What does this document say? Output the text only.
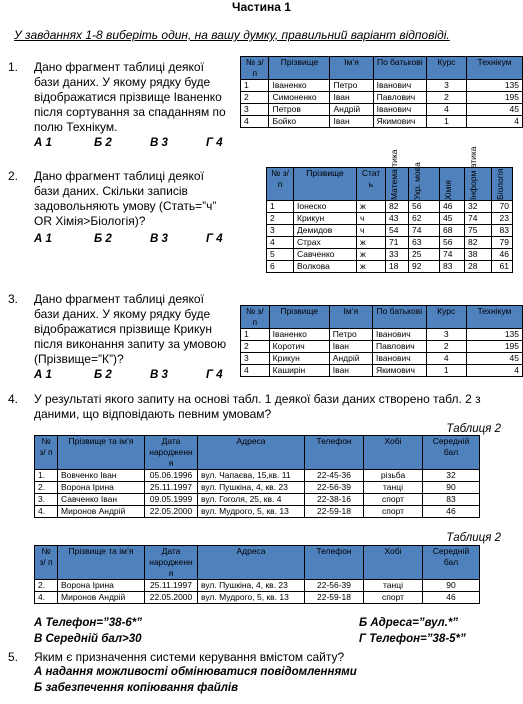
Частина 1
У завданнях 1-8 виберіть один, на вашу думку, правильний варіант відповіді.
1. Дано фрагмент таблиці деякої
бази даних. У якому рядку буде
відображатися прізвище Іваненко
після сортування за спаданням по
полю Технікум.
А 1	Б 2	В 3	Г 4
№ з/п	Прізвище	Ім’я	По батькові	Курс	Технікум
1	Іваненко	Петро	Іванович	3	135
2	Симоненко	Іван	Павлович	2	195
3	Петров	Андрій	Іванович	4	45
4	Бойко	Іван	Якимович	1	4
2. Дано фрагмент таблиці деякої
бази даних. Скільки записів
задовольняють умову (Стать=”ч”
OR Хімія>Біологія)?
А 1	Б 2	В 3	Г 4
№ з/п	Прізвище	Стат ь	Матема тика	Укр. мова	Хімія	Інформ атика	Біологія

1	Іонеско	ж	82	56	46	32	70
2	Крикун	ч	43	62	45	74	23
3	Демидов	ч	54	74	68	75	83
4	Страх	ж	71	63	56	82	79
5	Савченко	ж	33	25	74	38	46
6	Волкова	ж	18	92	83	28	61
3. Дано фрагмент таблиці деякої
бази даних. У якому рядку буде
відображатися прізвище Крикун
після виконання запиту за умовою
(Прізвище=”К”)?
А 1	Б 2	В 3	Г 4
№ з/п	Прізвище	Ім’я	По батькові	Курс	Технікум
1	Іваненко	Петро	Іванович	3	135
2	Коротич	Іван	Павлович	2	195
3	Крикун	Андрій	Іванович	4	45
4	Каширін	Іван	Якимович	1	4
4. У результаті якого запиту на основі табл. 1 деякої бази даних створено табл. 2 з
даними, що відповідають певним умовам?
Таблиця 2
№ з/ п	Прізвище та ім’я	Дата народженн я	Адреса	Телефон	Хобі	Середній бал
1.	Вовченко Іван	05.06.1996	вул. Чапаєва, 15,кв. 11	22-45-36	різьба	32
2.	Ворона Ірина	25.11.1997	вул. Пушкіна, 4, кв. 23	22-56-39	танці	90
3.	Савченко Іван	09.05.1999	вул. Гоголя, 25, кв. 4	22-38-16	спорт	83
4.	Миронов Андрій	22.05.2000	вул. Мудрого, 5, кв. 13	22-59-18	спорт	46
Таблиця 2
№ з/ п	Прізвище та ім’я	Дата народженн я	Адреса	Телефон	Хобі	Середній бал
2.	Ворона Ірина	25.11.1997	вул. Пушкіна, 4, кв. 23	22-56-39	танці	90
4.	Миронов Андрій	22.05.2000	вул. Мудрого, 5, кв. 13	22-59-18	спорт	46
А Телефон=”38-6*”	Б Адреса=”вул.*”
В Середній бал>30	Г Телефон=”38-5*”
5. Яким є призначення системи керування вмістом сайту?
А надання можливості обмінюватися повідомленнями
Б забезпечення копіювання файлів
